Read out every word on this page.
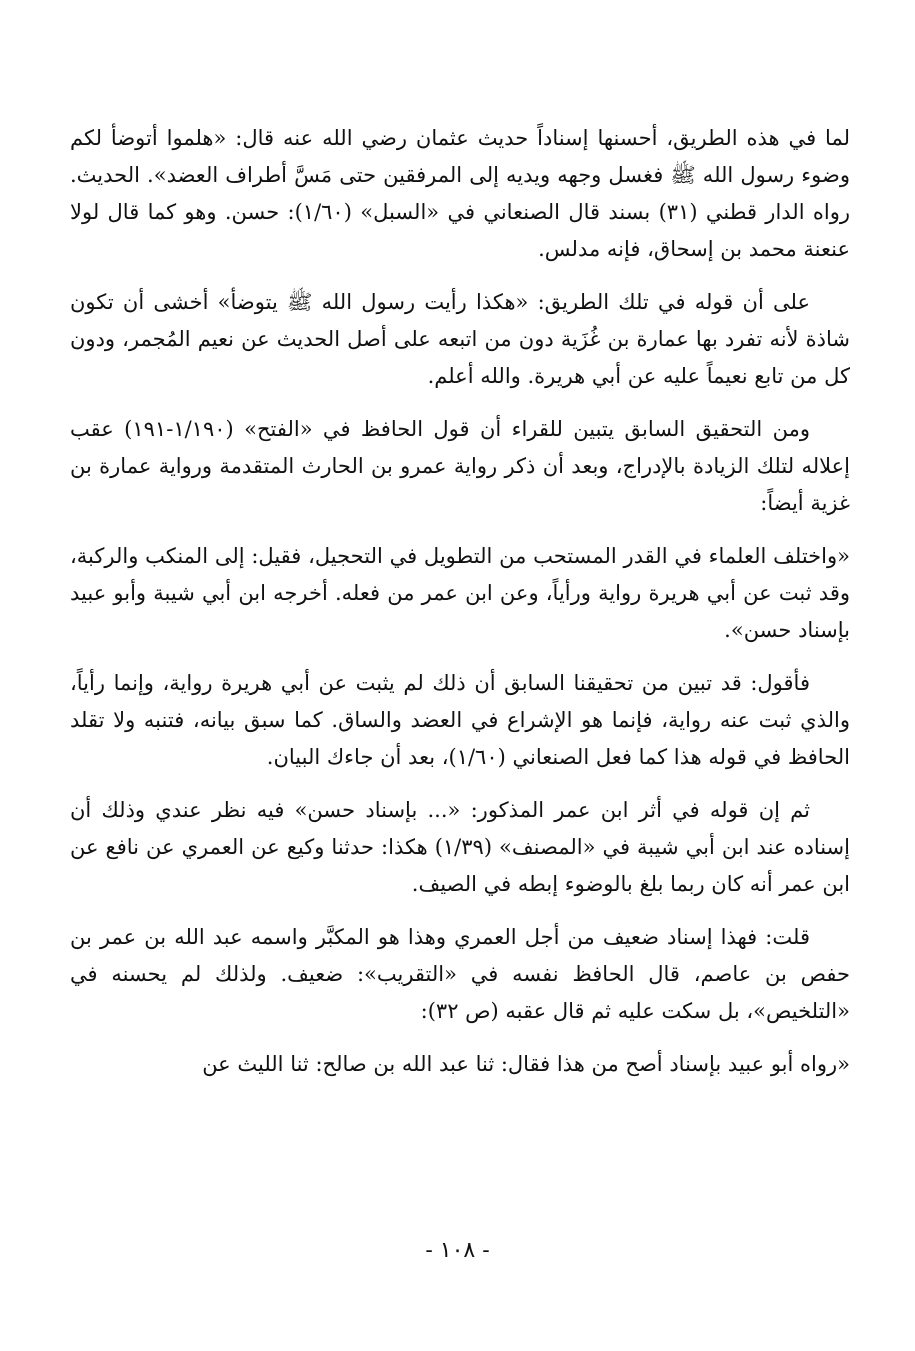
لما في هذه الطريق، أحسنها إسناداً حديث عثمان رضي الله عنه قال: «هلموا أتوضأ لكم وضوء رسول الله ﷺ فغسل وجهه ويديه إلى المرفقين حتى مَسَّ أطراف العضد». الحديث. رواه الدار قطني (٣١) بسند قال الصنعاني في «السبل» (١/٦٠): حسن. وهو كما قال لولا عنعنة محمد بن إسحاق، فإنه مدلس.

على أن قوله في تلك الطريق: «هكذا رأيت رسول الله ﷺ يتوضأ» أخشى أن تكون شاذة لأنه تفرد بها عمارة بن غُزَية دون من اتبعه على أصل الحديث عن نعيم المُجمر، ودون كل من تابع نعيماً عليه عن أبي هريرة. والله أعلم.

ومن التحقيق السابق يتبين للقراء أن قول الحافظ في «الفتح» (١/١٩٠-١٩١) عقب إعلاله لتلك الزيادة بالإدراج، وبعد أن ذكر رواية عمرو بن الحارث المتقدمة ورواية عمارة بن غزية أيضاً:

«واختلف العلماء في القدر المستحب من التطويل في التحجيل، فقيل: إلى المنكب والركبة، وقد ثبت عن أبي هريرة رواية ورأياً، وعن ابن عمر من فعله. أخرجه ابن أبي شيبة وأبو عبيد بإسناد حسن».

فأقول: قد تبين من تحقيقنا السابق أن ذلك لم يثبت عن أبي هريرة رواية، وإنما رأياً، والذي ثبت عنه رواية، فإنما هو الإشراع في العضد والساق. كما سبق بيانه، فتنبه ولا تقلد الحافظ في قوله هذا كما فعل الصنعاني (١/٦٠)، بعد أن جاءك البيان.

ثم إن قوله في أثر ابن عمر المذكور: «... بإسناد حسن» فيه نظر عندي وذلك أن إسناده عند ابن أبي شيبة في «المصنف» (١/٣٩) هكذا: حدثنا وكيع عن العمري عن نافع عن ابن عمر أنه كان ربما بلغ بالوضوء إبطه في الصيف.

قلت: فهذا إسناد ضعيف من أجل العمري وهذا هو المكبَّر واسمه عبد الله بن عمر بن حفص بن عاصم، قال الحافظ نفسه في «التقريب»: ضعيف. ولذلك لم يحسنه في «التلخيص»، بل سكت عليه ثم قال عقبه (ص ٣٢):

«رواه أبو عبيد بإسناد أصح من هذا فقال: ثنا عبد الله بن صالح: ثنا الليث عن

- ١٠٨ -
